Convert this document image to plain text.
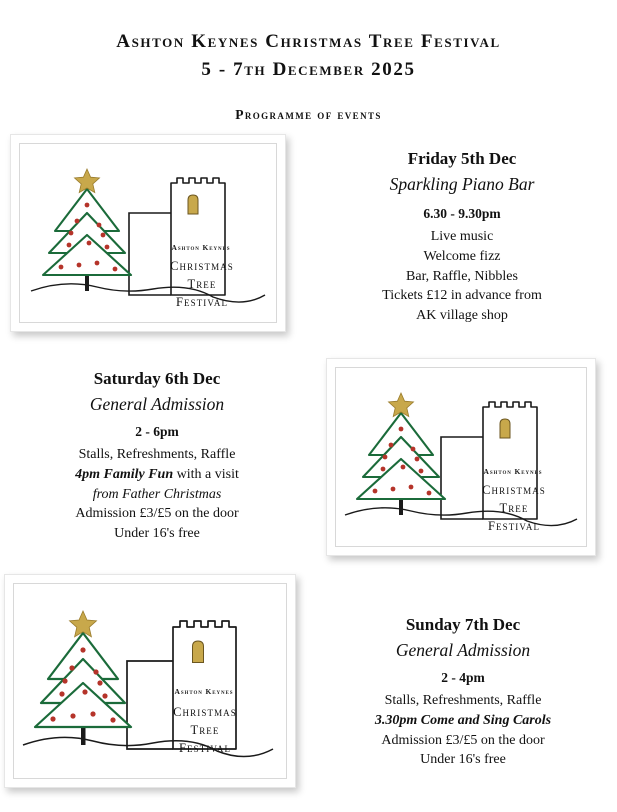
Ashton Keynes Christmas Tree Festival
5 - 7th December 2025
Programme of events
Ashton Keynes
Christmas
Tree
Festival
Friday 5th Dec
Sparkling Piano Bar
6.30 - 9.30pm
Live music
Welcome fizz
Bar, Raffle, Nibbles
Tickets £12 in advance from
AK village shop
Saturday 6th Dec
General Admission
2 - 6pm
Stalls, Refreshments, Raffle
4pm Family Fun with a visit
from Father Christmas
Admission £3/£5 on the door
Under 16's free
Ashton Keynes
Christmas
Tree
Festival
Ashton Keynes
Christmas
Tree
Festival
Sunday 7th Dec
General Admission
2 - 4pm
Stalls, Refreshments, Raffle
3.30pm Come and Sing Carols
Admission £3/£5 on the door
Under 16's free
